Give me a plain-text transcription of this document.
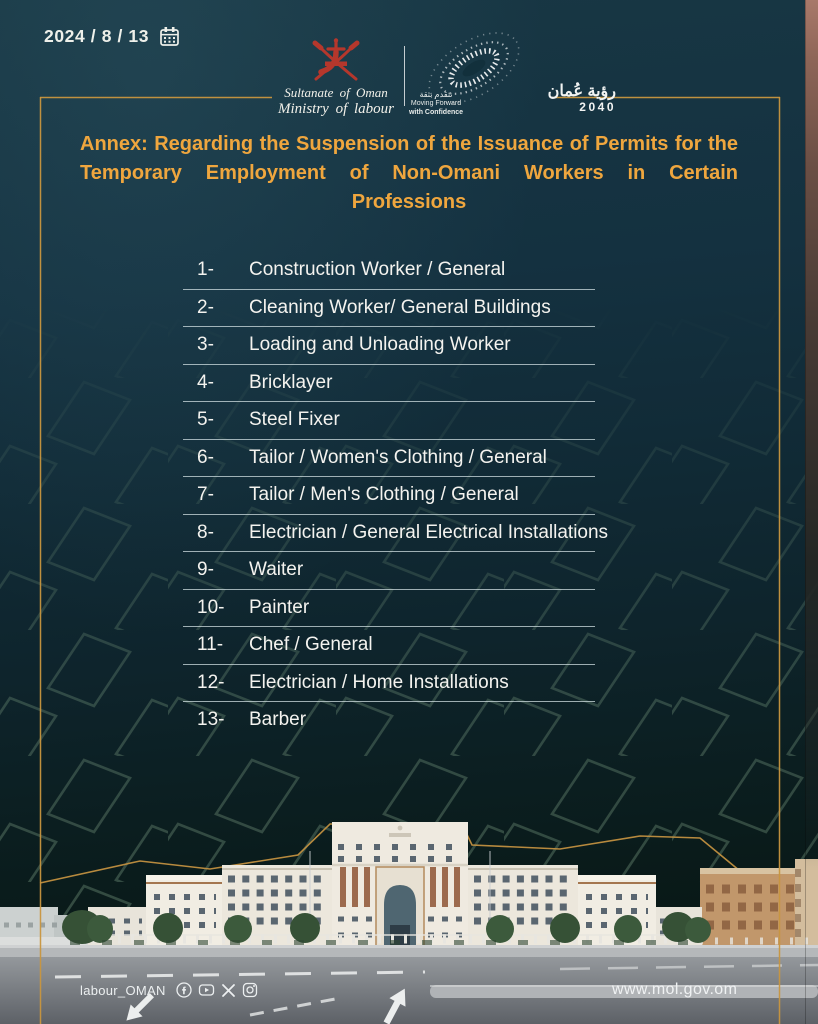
2024 / 8 / 13
Sultanate of Oman
Ministry of labour
نتقدم بثقة
Moving Forward
with Confidence
رؤية عُمان
2040
Annex: Regarding the Suspension of the Issuance of Permits for the
Temporary Employment of Non-Omani Workers in Certain
Professions
1-	Construction Worker / General
2-	Cleaning Worker/ General Buildings
3-	Loading and Unloading Worker
4-	Bricklayer
5-	Steel Fixer
6-	Tailor / Women's Clothing / General
7-	Tailor / Men's Clothing / General
8-	Electrician / General Electrical Installations
9-	Waiter
10-	Painter
11-	Chef / General
12-	Electrician / Home Installations
13-	Barber
labour_OMAN	www.mol.gov.om
